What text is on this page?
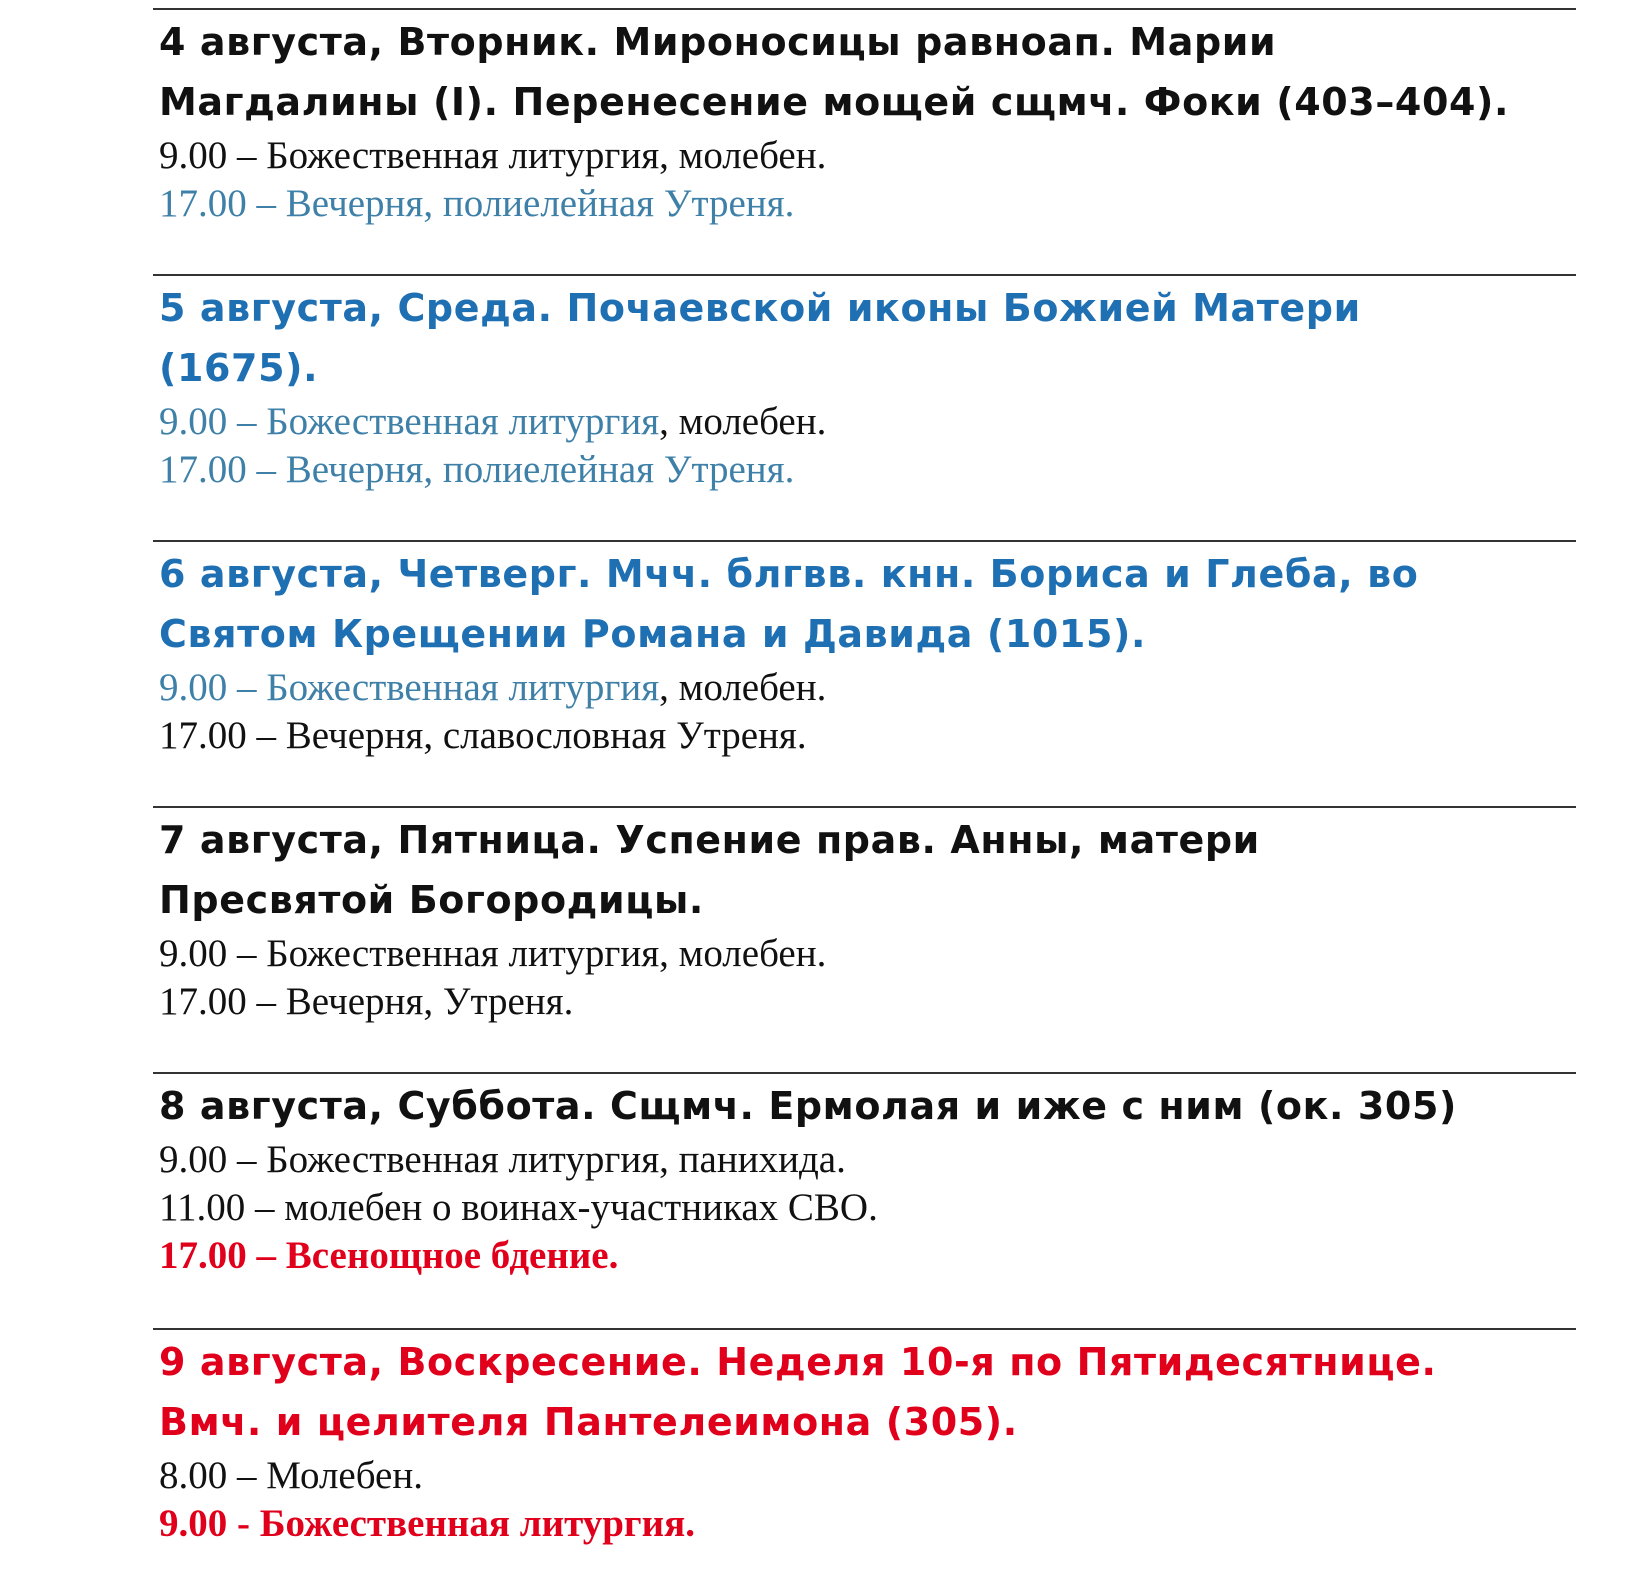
4 августа, Вторник. Мироносицы равноап. Марии
Магдалины (I). Перенесение мощей сщмч. Фоки (403–404).
9.00 – Божественная литургия, молебен.
17.00 – Вечерня, полиелейная Утреня.
5 августа, Среда. Почаевской иконы Божией Матери
(1675).
9.00 – Божественная литургия, молебен.
17.00 – Вечерня, полиелейная Утреня.
6 августа, Четверг. Мчч. блгвв. кнн. Бориса и Глеба, во
Святом Крещении Романа и Давида (1015).
9.00 – Божественная литургия, молебен.
17.00 – Вечерня, славословная Утреня.
7 августа, Пятница. Успение прав. Анны, матери
Пресвятой Богородицы.
9.00 – Божественная литургия, молебен.
17.00 – Вечерня, Утреня.
8 августа, Суббота. Сщмч. Ермолая и иже с ним (ок. 305)
9.00 – Божественная литургия, панихида.
11.00 – молебен о воинах-участниках СВО.
17.00 – Всенощное бдение.
9 августа, Воскресение. Неделя 10-я по Пятидесятнице.
Вмч. и целителя Пантелеимона (305).
8.00 – Молебен.
9.00 - Божественная литургия.
